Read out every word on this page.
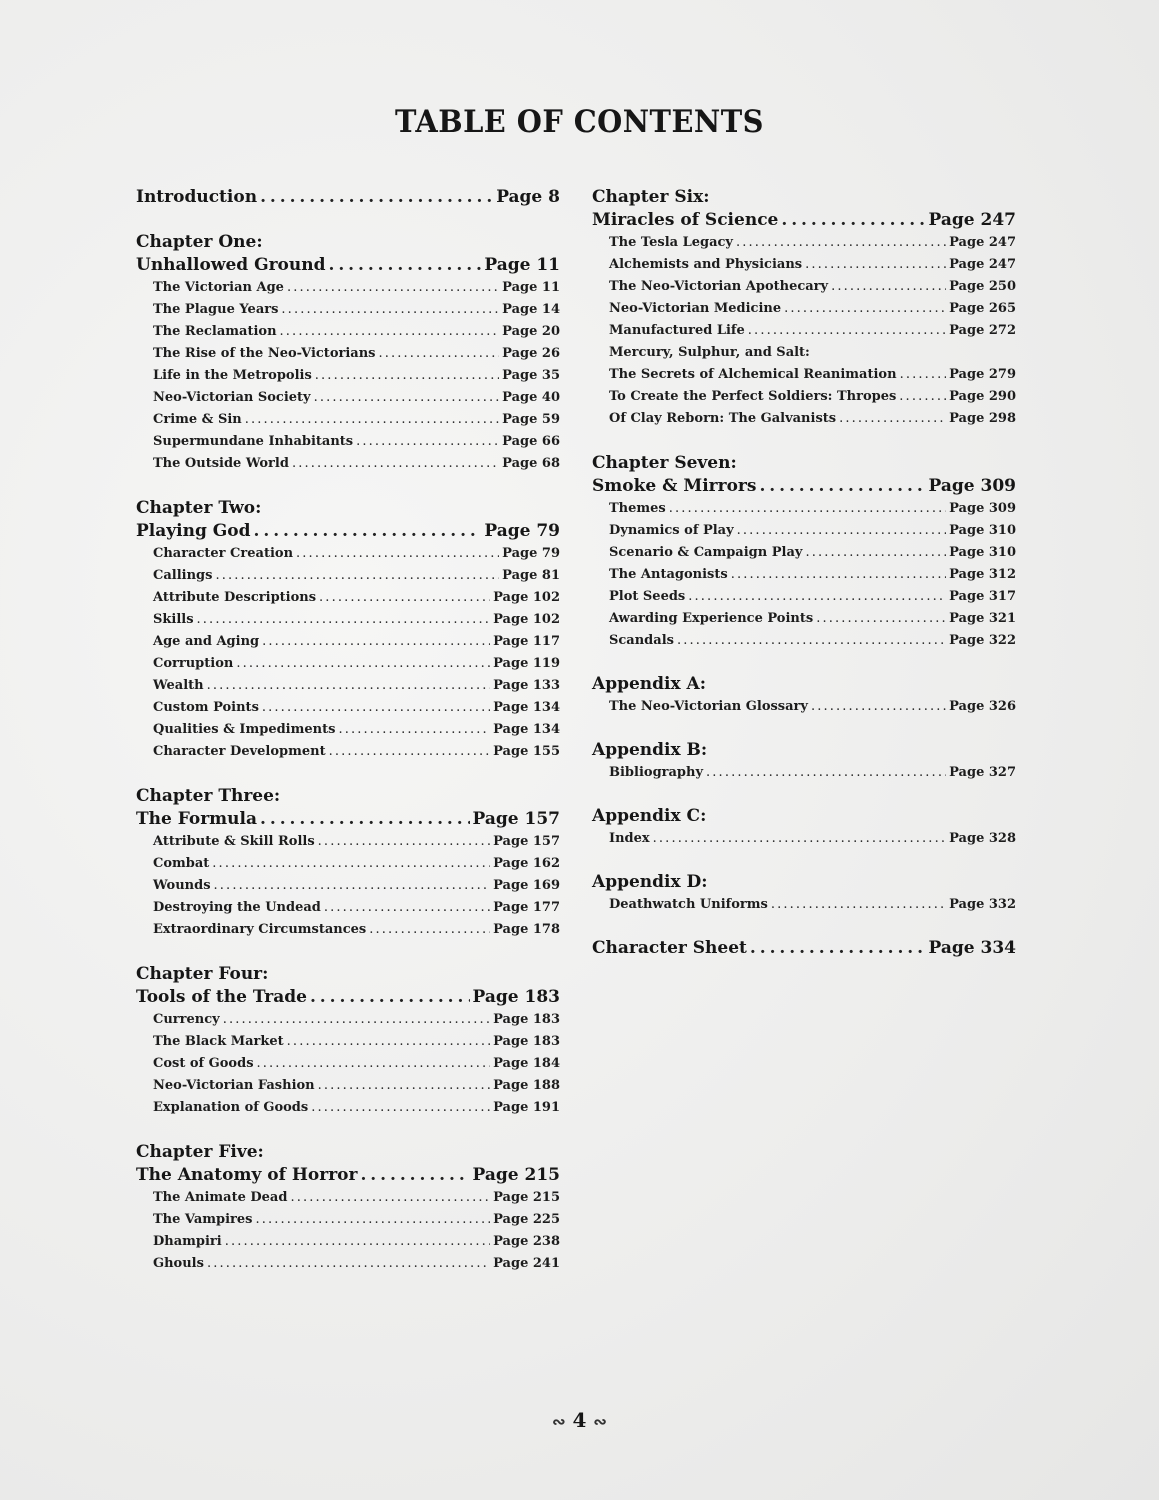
TABLE OF CONTENTS
Introduction . . .	Page 8
Chapter One:
Unhallowed Ground . . .	Page 11
The Victorian Age . . .	Page 11
The Plague Years . . .	Page 14
The Reclamation . . .	Page 20
The Rise of the Neo-Victorians . . .	Page 26
Life in the Metropolis . . .	Page 35
Neo-Victorian Society . . .	Page 40
Crime & Sin . . .	Page 59
Supermundane Inhabitants . . .	Page 66
The Outside World . . .	Page 68
Chapter Two:
Playing God . . .	Page 79
Character Creation . . .	Page 79
Callings . . .	Page 81
Attribute Descriptions . . .	Page 102
Skills . . .	Page 102
Age and Aging . . .	Page 117
Corruption . . .	Page 119
Wealth . . .	Page 133
Custom Points . . .	Page 134
Qualities & Impediments . . .	Page 134
Character Development . . .	Page 155
Chapter Three:
The Formula . . .	Page 157
Attribute & Skill Rolls . . .	Page 157
Combat . . .	Page 162
Wounds . . .	Page 169
Destroying the Undead . . .	Page 177
Extraordinary Circumstances . . .	Page 178
Chapter Four:
Tools of the Trade . . .	Page 183
Currency . . .	Page 183
The Black Market . . .	Page 183
Cost of Goods . . .	Page 184
Neo-Victorian Fashion . . .	Page 188
Explanation of Goods . . .	Page 191
Chapter Five:
The Anatomy of Horror . . .	Page 215
The Animate Dead . . .	Page 215
The Vampires . . .	Page 225
Dhampiri . . .	Page 238
Ghouls . . .	Page 241
Chapter Six:
Miracles of Science . . .	Page 247
The Tesla Legacy . . .	Page 247
Alchemists and Physicians . . .	Page 247
The Neo-Victorian Apothecary . . .	Page 250
Neo-Victorian Medicine . . .	Page 265
Manufactured Life . . .	Page 272
Mercury, Sulphur, and Salt:
The Secrets of Alchemical Reanimation . . .	Page 279
To Create the Perfect Soldiers: Thropes . . .	Page 290
Of Clay Reborn: The Galvanists . . .	Page 298
Chapter Seven:
Smoke & Mirrors . . .	Page 309
Themes . . .	Page 309
Dynamics of Play . . .	Page 310
Scenario & Campaign Play . . .	Page 310
The Antagonists . . .	Page 312
Plot Seeds . . .	Page 317
Awarding Experience Points . . .	Page 321
Scandals . . .	Page 322
Appendix A:
The Neo-Victorian Glossary . . .	Page 326
Appendix B:
Bibliography . . .	Page 327
Appendix C:
Index . . .	Page 328
Appendix D:
Deathwatch Uniforms . . .	Page 332
Character Sheet . . .	Page 334
∾ 4 ∾
